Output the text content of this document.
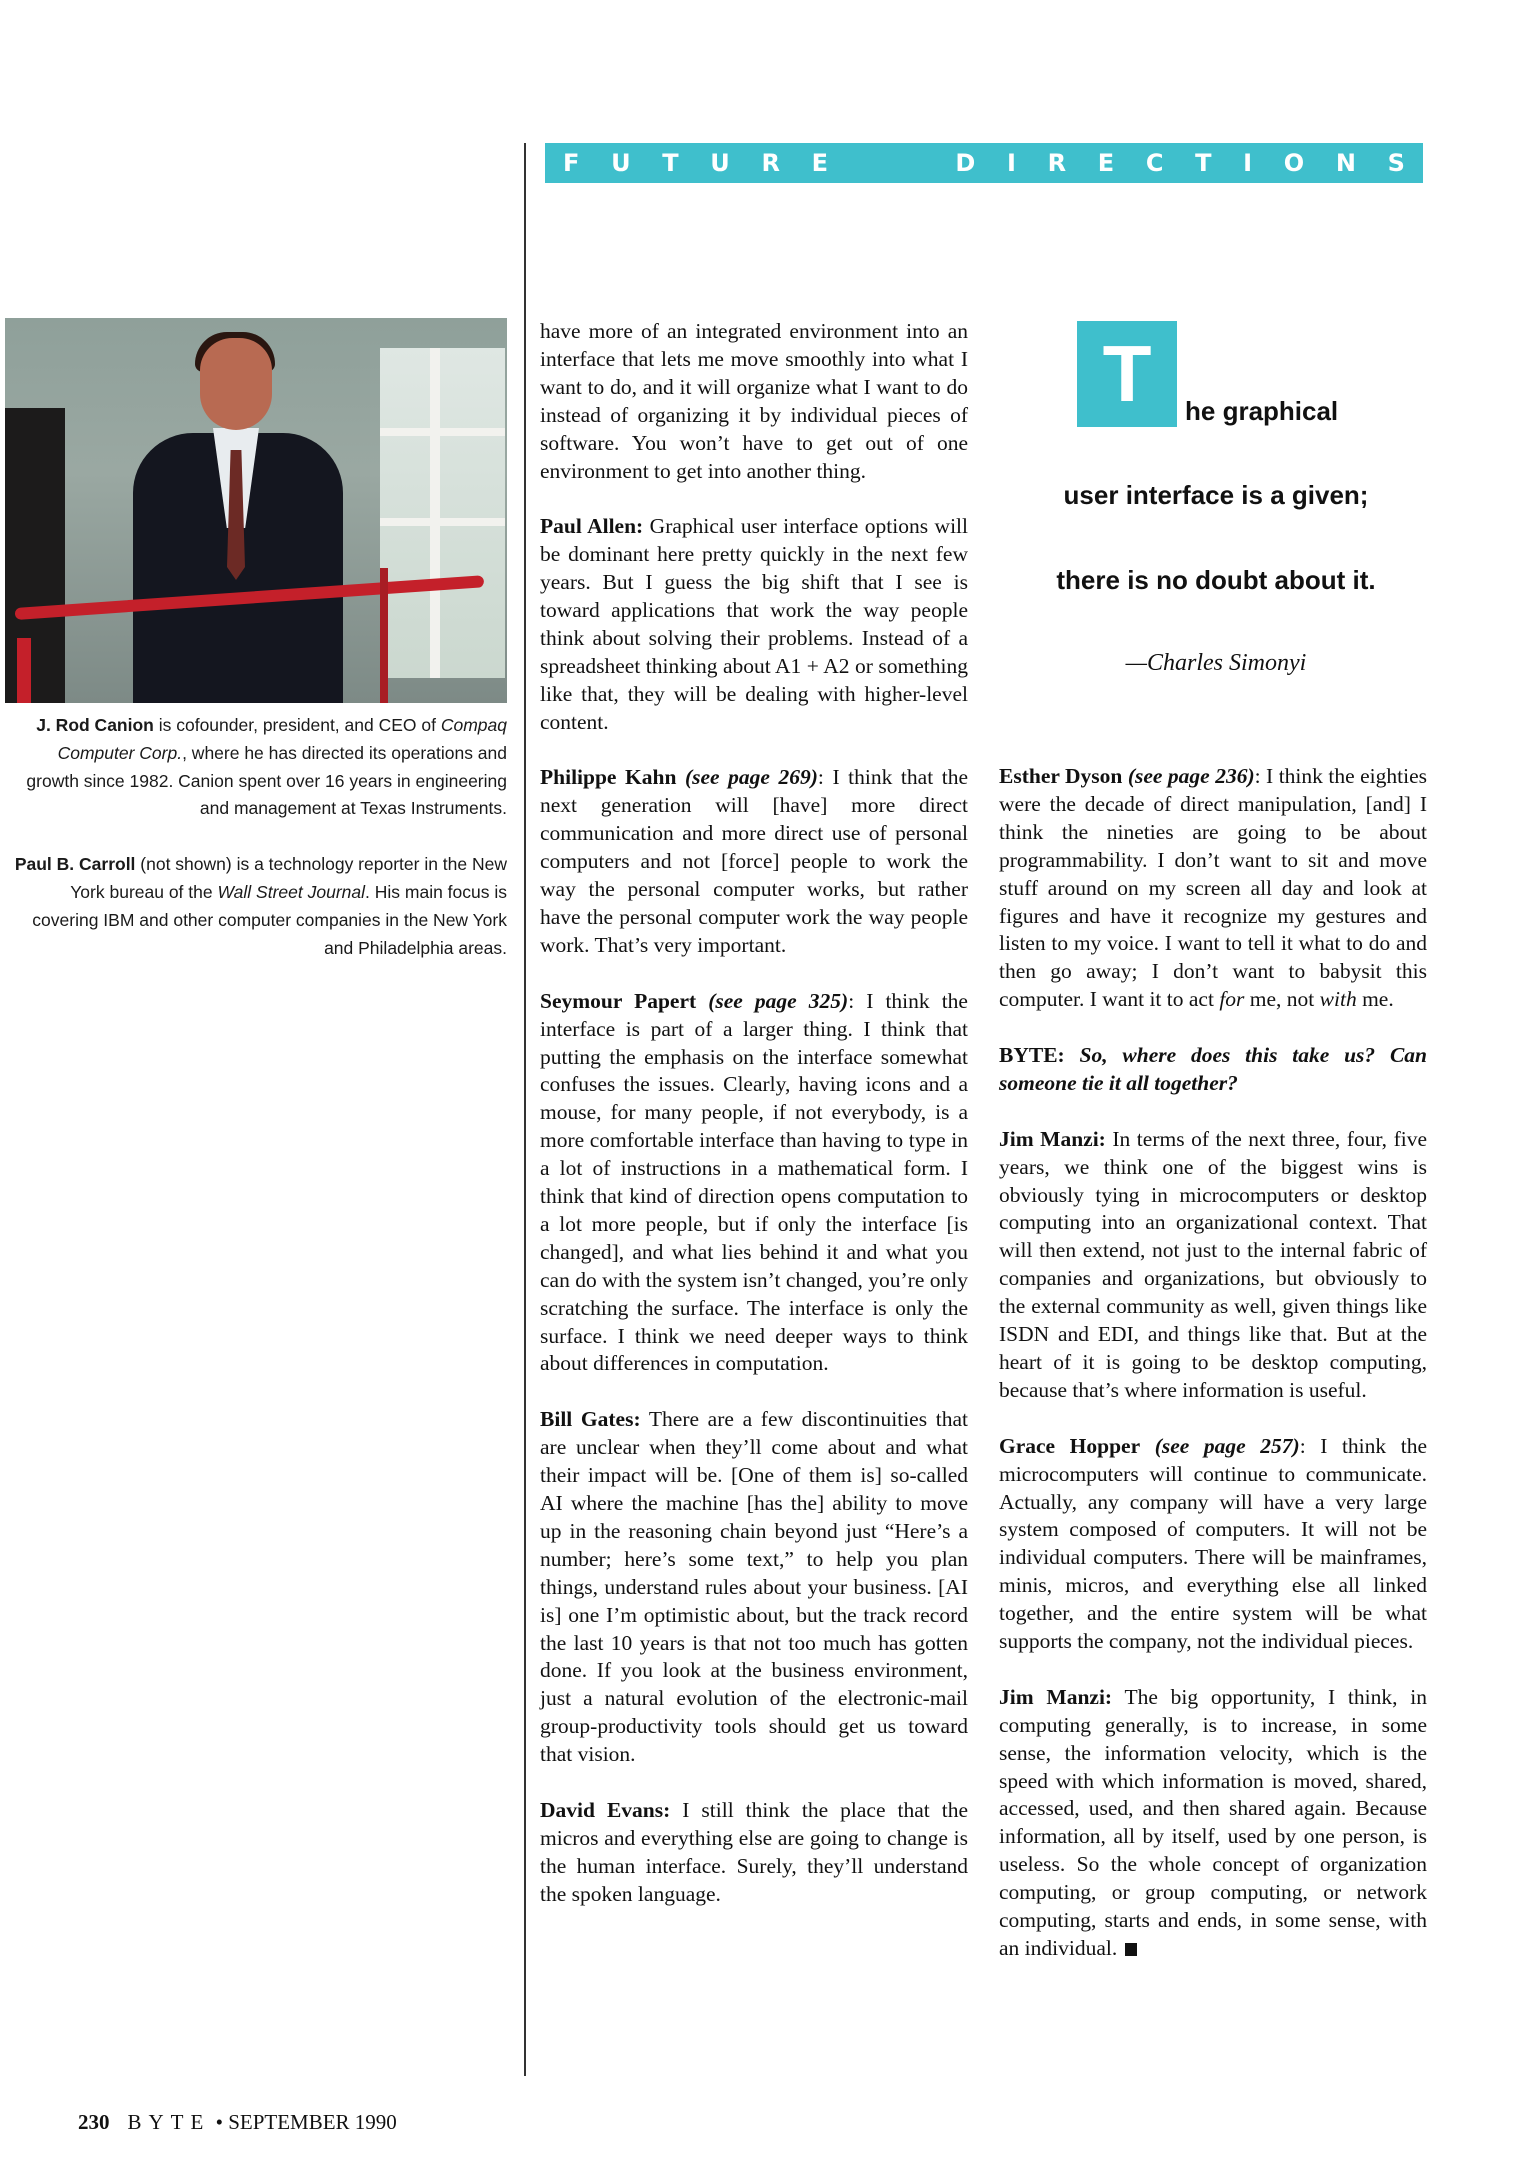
F U T U R E	D I R E C T I O N S

J. Rod Canion is cofounder, president, and CEO of Compaq Computer Corp., where he has directed its operations and growth since 1982. Canion spent over 16 years in engineering and management at Texas Instruments.

Paul B. Carroll (not shown) is a technology reporter in the New York bureau of the Wall Street Journal. His main focus is covering IBM and other computer companies in the New York and Philadelphia areas.

have more of an integrated environment into an interface that lets me move smoothly into what I want to do, and it will organize what I want to do instead of organizing it by individual pieces of software. You won’t have to get out of one environment to get into another thing.

Paul Allen: Graphical user interface options will be dominant here pretty quickly in the next few years. But I guess the big shift that I see is toward applications that work the way people think about solving their problems. Instead of a spreadsheet thinking about A1 + A2 or something like that, they will be dealing with higher-level content.

Philippe Kahn (see page 269): I think that the next generation will [have] more direct communication and more direct use of personal computers and not [force] people to work the way the personal computer works, but rather have the personal computer work the way people work. That’s very important.

Seymour Papert (see page 325): I think the interface is part of a larger thing. I think that putting the emphasis on the interface somewhat confuses the issues. Clearly, having icons and a mouse, for many people, if not everybody, is a more comfortable interface than having to type in a lot of instructions in a mathematical form. I think that kind of direction opens computation to a lot more people, but if only the interface [is changed], and what lies behind it and what you can do with the system isn’t changed, you’re only scratching the surface. The interface is only the surface. I think we need deeper ways to think about differences in computation.

Bill Gates: There are a few discontinuities that are unclear when they’ll come about and what their impact will be. [One of them is] so-called AI where the machine [has the] ability to move up in the reasoning chain beyond just “Here’s a number; here’s some text,” to help you plan things, understand rules about your business. [AI is] one I’m optimistic about, but the track record the last 10 years is that not too much has gotten done. If you look at the business environment, just a natural evolution of the electronic-mail group-productivity tools should get us toward that vision.

David Evans: I still think the place that the micros and everything else are going to change is the human interface. Surely, they’ll understand the spoken language.

T	he graphical
user interface is a given;
there is no doubt about it.
—Charles Simonyi

Esther Dyson (see page 236): I think the eighties were the decade of direct manipulation, [and] I think the nineties are going to be about programmability. I don’t want to sit and move stuff around on my screen all day and look at figures and have it recognize my gestures and listen to my voice. I want to tell it what to do and then go away; I don’t want to babysit this computer. I want it to act for me, not with me.

BYTE: So, where does this take us? Can someone tie it all together?

Jim Manzi: In terms of the next three, four, five years, we think one of the biggest wins is obviously tying in microcomputers or desktop computing into an organizational context. That will then extend, not just to the internal fabric of companies and organizations, but obviously to the external community as well, given things like ISDN and EDI, and things like that. But at the heart of it is going to be desktop computing, because that’s where information is useful.

Grace Hopper (see page 257): I think the microcomputers will continue to communicate. Actually, any company will have a very large system composed of computers. It will not be individual computers. There will be mainframes, minis, micros, and everything else all linked together, and the entire system will be what supports the company, not the individual pieces.

Jim Manzi: The big opportunity, I think, in computing generally, is to increase, in some sense, the information velocity, which is the speed with which information is moved, shared, accessed, used, and then shared again. Because information, all by itself, used by one person, is useless. So the whole concept of organization computing, or group computing, or network computing, starts and ends, in some sense, with an individual.

230 BYTE • SEPTEMBER 1990
